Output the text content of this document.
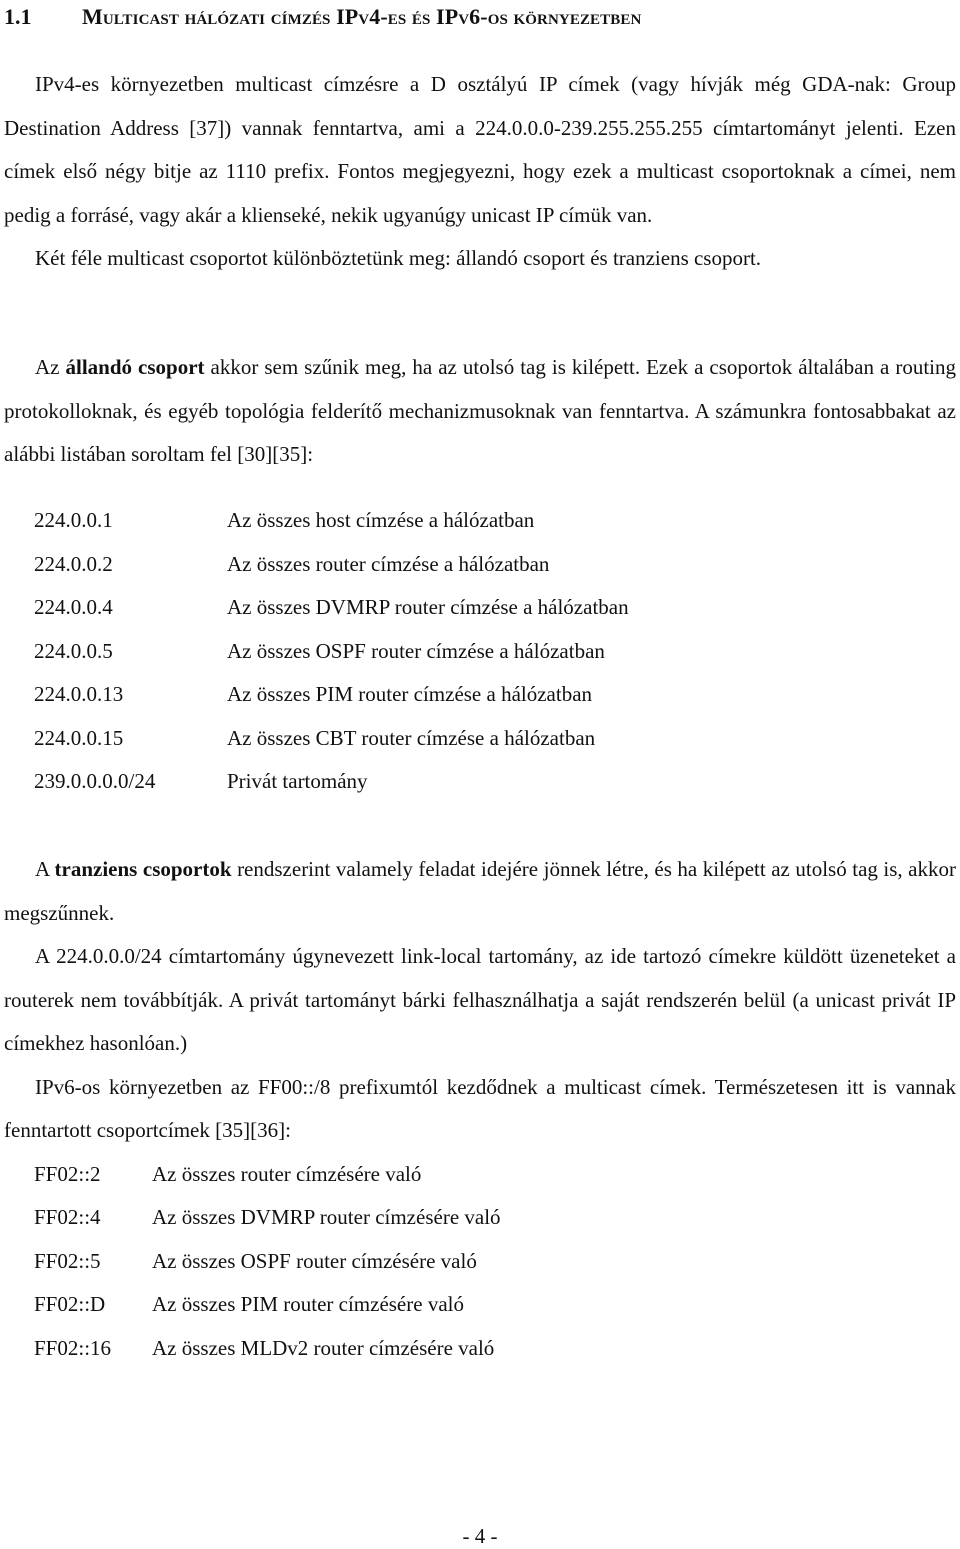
1.1 Multicast hálózati címzés IPv4-es és IPv6-os környezetben

IPv4-es környezetben multicast címzésre a D osztályú IP címek (vagy hívják még GDA-nak: Group Destination Address [37]) vannak fenntartva, ami a 224.0.0.0-239.255.255.255 címtartományt jelenti. Ezen címek első négy bitje az 1110 prefix. Fontos megjegyezni, hogy ezek a multicast csoportoknak a címei, nem pedig a forrásé, vagy akár a klienseké, nekik ugyanúgy unicast IP címük van.

Két féle multicast csoportot különböztetünk meg: állandó csoport és tranziens csoport.

Az állandó csoport akkor sem szűnik meg, ha az utolsó tag is kilépett. Ezek a csoportok általában a routing protokolloknak, és egyéb topológia felderítő mechanizmusoknak van fenntartva. A számunkra fontosabbakat az alábbi listában soroltam fel [30][35]:

224.0.0.1	Az összes host címzése a hálózatban
224.0.0.2	Az összes router címzése a hálózatban
224.0.0.4	Az összes DVMRP router címzése a hálózatban
224.0.0.5	Az összes OSPF router címzése a hálózatban
224.0.0.13	Az összes PIM router címzése a hálózatban
224.0.0.15	Az összes CBT router címzése a hálózatban
239.0.0.0.0/24	Privát tartomány

A tranziens csoportok rendszerint valamely feladat idejére jönnek létre, és ha kilépett az utolsó tag is, akkor megszűnnek.

A 224.0.0.0/24 címtartomány úgynevezett link-local tartomány, az ide tartozó címekre küldött üzeneteket a routerek nem továbbítják. A privát tartományt bárki felhasználhatja a saját rendszerén belül (a unicast privát IP címekhez hasonlóan.)

IPv6-os környezetben az FF00::/8 prefixumtól kezdődnek a multicast címek. Természetesen itt is vannak fenntartott csoportcímek [35][36]:

FF02::2 Az összes router címzésére való
FF02::4 Az összes DVMRP router címzésére való
FF02::5 Az összes OSPF router címzésére való
FF02::D Az összes PIM router címzésére való
FF02::16 Az összes MLDv2 router címzésére való
- 4 -
